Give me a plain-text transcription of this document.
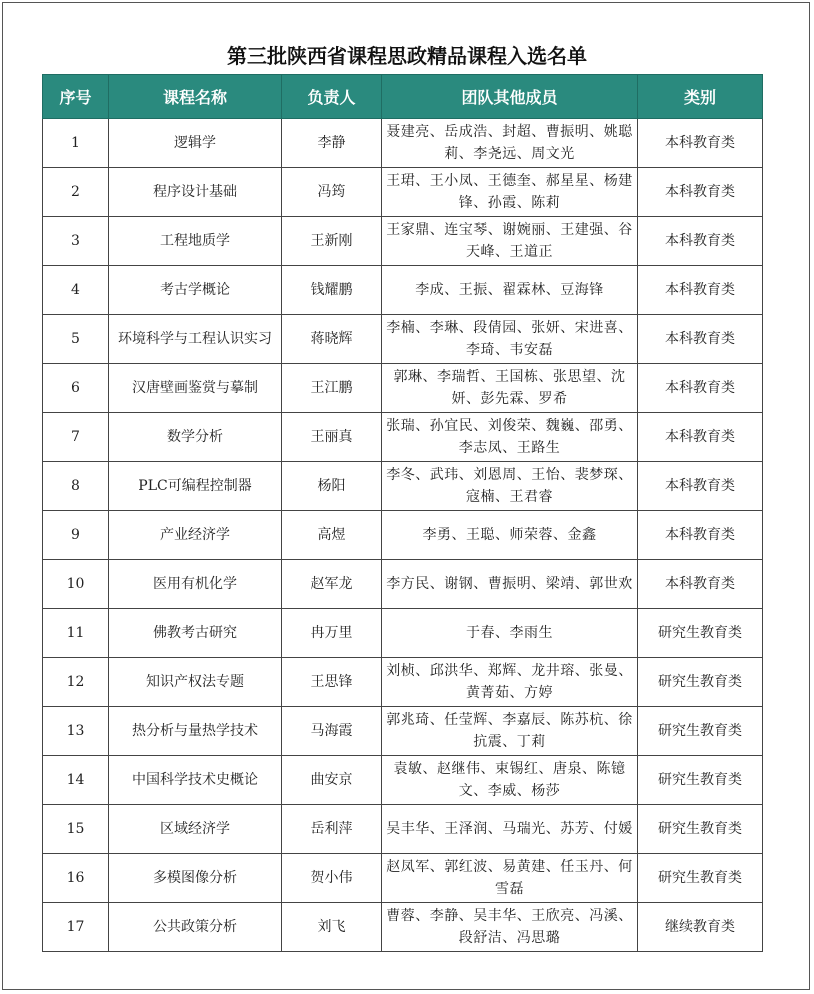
第三批陕西省课程思政精品课程入选名单
序号	课程名称	负责人	团队其他成员	类别
1	逻辑学	李静	聂建亮、岳成浩、封超、曹振明、姚聪莉、李尧远、周文光	本科教育类
2	程序设计基础	冯筠	王珺、王小凤、王德奎、郝星星、杨建锋、孙霞、陈莉	本科教育类
3	工程地质学	王新刚	王家鼎、连宝琴、谢婉丽、王建强、谷天峰、王道正	本科教育类
4	考古学概论	钱耀鹏	李成、王振、翟霖林、豆海锋	本科教育类
5	环境科学与工程认识实习	蒋晓辉	李楠、李琳、段倩园、张妍、宋进喜、李琦、韦安磊	本科教育类
6	汉唐壁画鉴赏与摹制	王江鹏	郭琳、李瑞哲、王国栋、张思望、沈妍、彭先霖、罗希	本科教育类
7	数学分析	王丽真	张瑞、孙宜民、刘俊荣、魏巍、邵勇、李志凤、王路生	本科教育类
8	PLC可编程控制器	杨阳	李冬、武玮、刘恩周、王怡、裴梦琛、寇楠、王君睿	本科教育类
9	产业经济学	高煜	李勇、王聪、师荣蓉、金鑫	本科教育类
10	医用有机化学	赵军龙	李方民、谢钢、曹振明、梁靖、郭世欢	本科教育类
11	佛教考古研究	冉万里	于春、李雨生	研究生教育类
12	知识产权法专题	王思锋	刘桢、邱洪华、郑辉、龙井瑢、张曼、黄菁茹、方婷	研究生教育类
13	热分析与量热学技术	马海霞	郭兆琦、任莹辉、李嘉辰、陈苏杭、徐抗震、丁莉	研究生教育类
14	中国科学技术史概论	曲安京	袁敏、赵继伟、束锡红、唐泉、陈镱文、李威、杨莎	研究生教育类
15	区域经济学	岳利萍	吴丰华、王泽润、马瑞光、苏芳、付媛	研究生教育类
16	多模图像分析	贺小伟	赵凤军、郭红波、易黄建、任玉丹、何雪磊	研究生教育类
17	公共政策分析	刘飞	曹蓉、李静、吴丰华、王欣亮、冯溪、段舒洁、冯思璐	继续教育类
